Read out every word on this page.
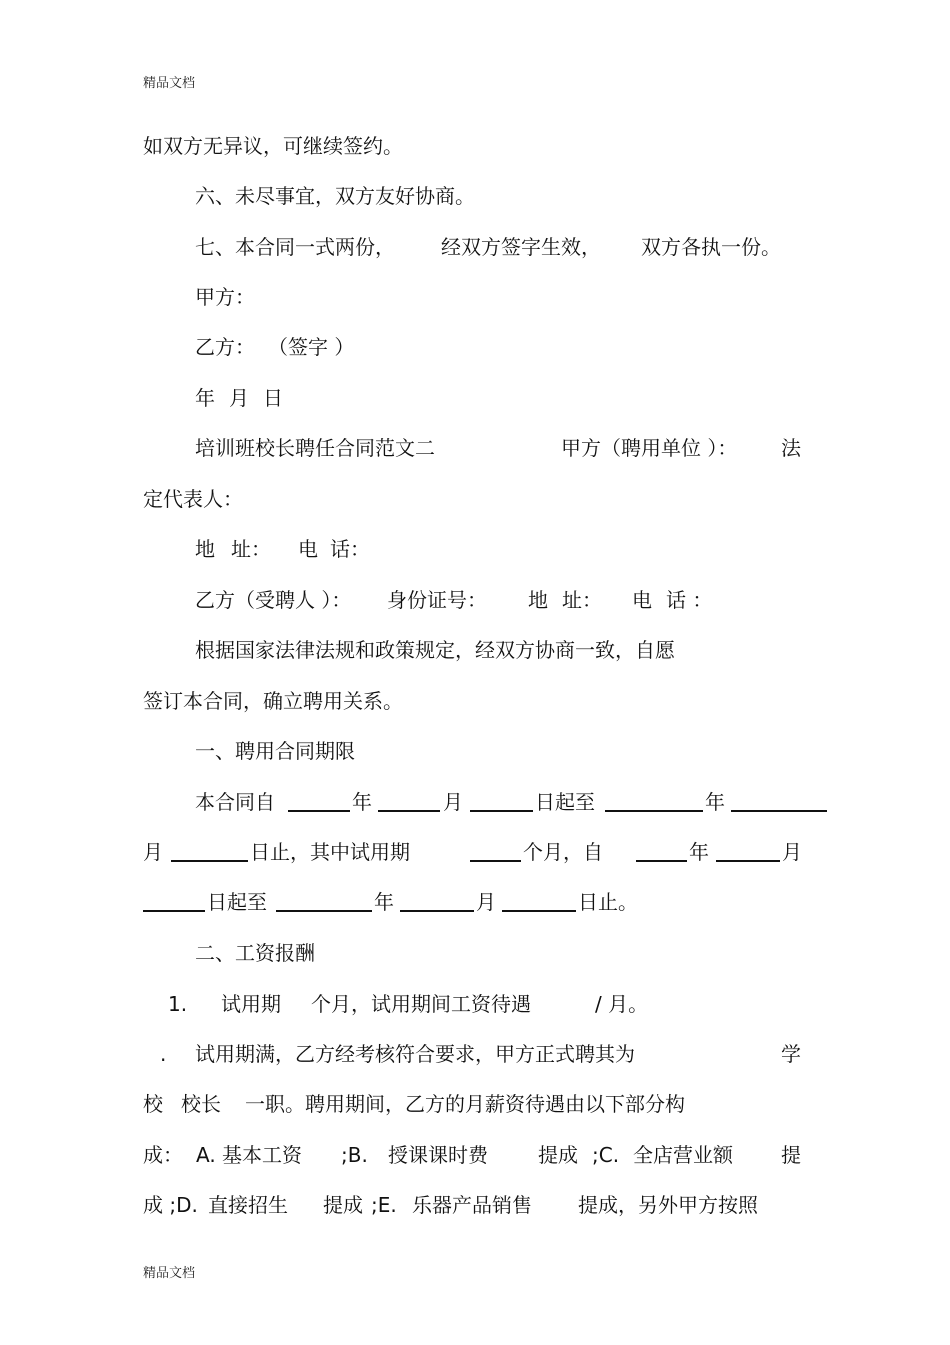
精品文档
如双方无异议，可继续签约。
六、未尽事宜，双方友好协商。
七、本合同一式两份， 经双方签字生效， 双方各执一份。
甲方：
乙方： （签字 ）
年 月 日
培训班校长聘任合同范文二	甲方（聘用单位 ）： 法
定代表人：
地 址： 电 话：
乙方（受聘人 ）： 身份证号： 地 址： 电 话 ：
根据国家法律法规和政策规定，经双方协商一致，自愿
签订本合同，确立聘用关系。
一、聘用合同期限
本合同自	年	月	日起至	年
月	日止，其中试用期	个月，自	年	月
日起至	年	月	日止。
二、工资报酬
1. 试用期 个月，试用期间工资待遇	/ 月。
. 试用期满，乙方经考核符合要求，甲方正式聘其为	学
校 校长 一职。聘用期间，乙方的月薪资待遇由以下部分构
成： A. 基本工资 ;B. 授课课时费	提成 ;C. 全店营业额 提
成 ;D. 直接招生 提成 ;E. 乐器产品销售 提成，另外甲方按照
精品文档
